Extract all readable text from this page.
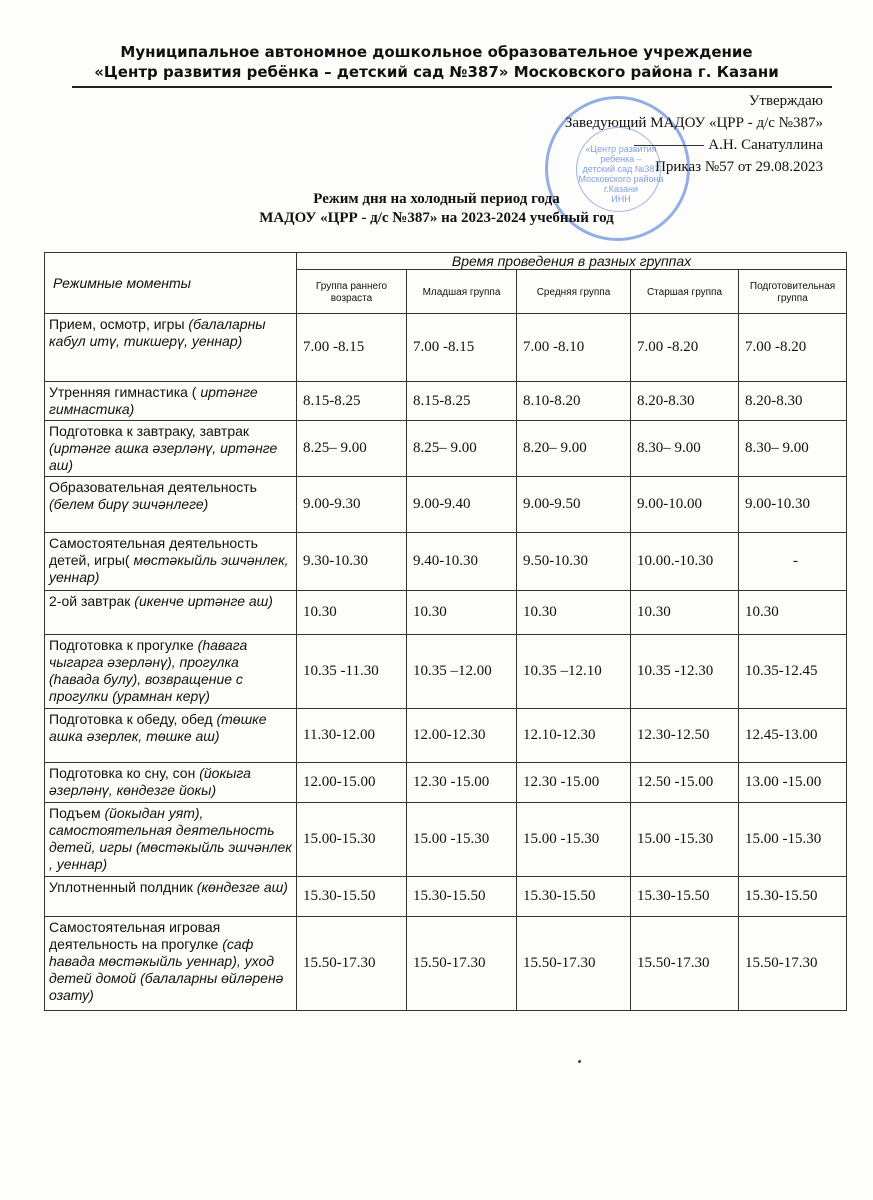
Муниципальное автономное дошкольное образовательное учреждение
«Центр развития ребёнка – детский сад №387» Московского района г. Казани
«Центр развития
ребенка –
детский сад №387
Московского района
г.Казани
ИНН
Утверждаю
Заведующий МАДОУ «ЦРР - д/с №387»
А.Н. Санатуллина
Приказ №57 от 29.08.2023
Режим дня на холодный период года
МАДОУ «ЦРР - д/с №387» на 2023-2024 учебный год
Режимные моменты	Время проведения в разных группах				
	Группа раннего возраста	Младшая группа	Средняя группа	Старшая группа	Подготовительная группа
Прием, осмотр, игры (балаларны кабул итү, тикшерү, уеннар)	7.00 -8.15	7.00 -8.15	7.00 -8.10	7.00 -8.20	7.00 -8.20
Утренняя гимнастика ( иртәнге гимнастика)	8.15-8.25	8.15-8.25	8.10-8.20	8.20-8.30	8.20-8.30
Подготовка к завтраку, завтрак (иртәнге ашка әзерләнү, иртәнге аш)	8.25– 9.00	8.25– 9.00	8.20– 9.00	8.30– 9.00	8.30– 9.00
Образовательная деятельность (белем бирү эшчәнлеге)	9.00-9.30	9.00-9.40	9.00-9.50	9.00-10.00	9.00-10.30
Самостоятельная деятельность детей, игры( мөстәкыйль эшчәнлек, уеннар)	9.30-10.30	9.40-10.30	9.50-10.30	10.00.-10.30	-
2-ой завтрак (икенче иртәнге аш)	10.30	10.30	10.30	10.30	10.30
Подготовка к прогулке (һавага чыгарга әзерләнү), прогулка (һавада булу), возвращение с прогулки (урамнан керү)	10.35 -11.30	10.35 –12.00	10.35 –12.10	10.35 -12.30	10.35-12.45
Подготовка к обеду, обед (төшке ашка әзерлек, төшке аш)	11.30-12.00	12.00-12.30	12.10-12.30	12.30-12.50	12.45-13.00
Подготовка ко сну, сон (йокыга әзерләнү, көндезге йокы)	12.00-15.00	12.30 -15.00	12.30 -15.00	12.50 -15.00	13.00 -15.00
Подъем (йокыдан уят), самостоятельная деятельность детей, игры (мөстәкыйль эшчәнлек , уеннар)	15.00-15.30	15.00 -15.30	15.00 -15.30	15.00 -15.30	15.00 -15.30
Уплотненный полдник (көндезге аш)	15.30-15.50	15.30-15.50	15.30-15.50	15.30-15.50	15.30-15.50
Самостоятельная игровая деятельность на прогулке (саф һавада мөстәкыйль уеннар), уход детей домой (балаларны өйләренә озату)	15.50-17.30	15.50-17.30	15.50-17.30	15.50-17.30	15.50-17.30
